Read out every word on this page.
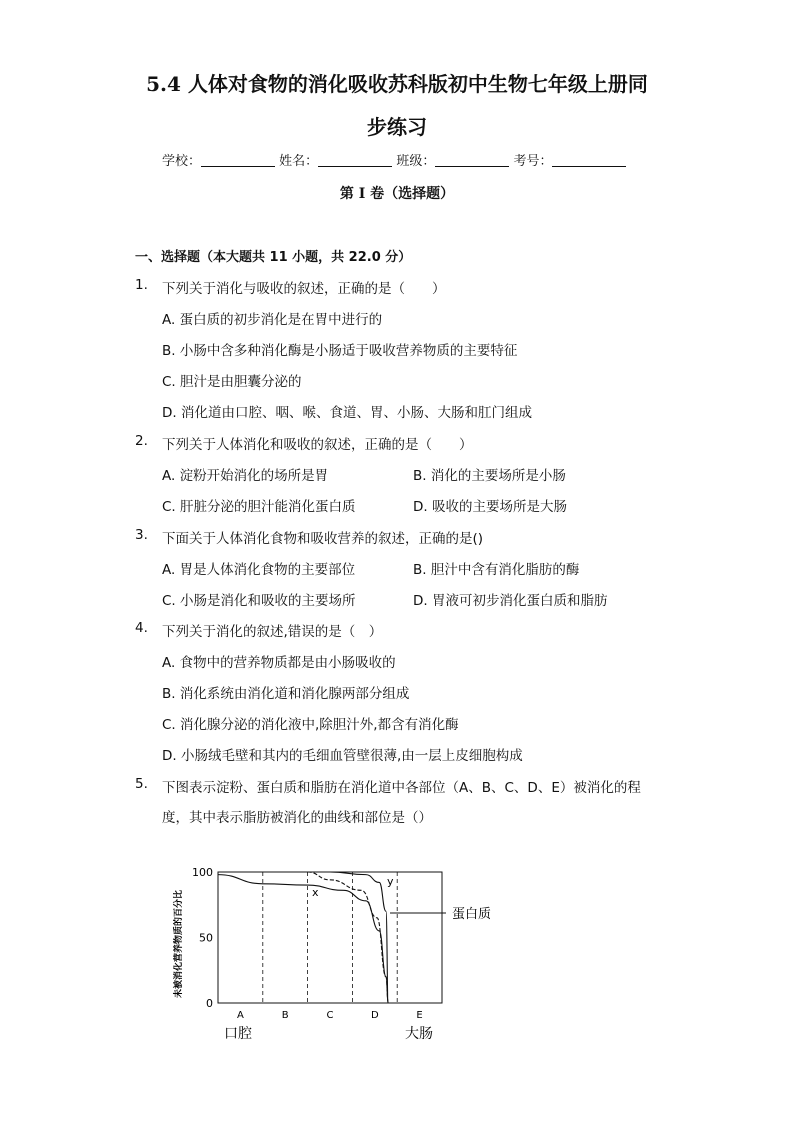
5.4 人体对食物的消化吸收苏科版初中生物七年级上册同
步练习
学校：	姓名：	班级：	考号：
第 I 卷（选择题）
一、选择题（本大题共 11 小题，共 22.0 分）
1. 下列关于消化与吸收的叙述，正确的是（　　）
A. 蛋白质的初步消化是在胃中进行的
B. 小肠中含多种消化酶是小肠适于吸收营养物质的主要特征
C. 胆汁是由胆囊分泌的
D. 消化道由口腔、咽、喉、食道、胃、小肠、大肠和肛门组成
2. 下列关于人体消化和吸收的叙述，正确的是（　　）
A. 淀粉开始消化的场所是胃	B. 消化的主要场所是小肠
C. 肝脏分泌的胆汁能消化蛋白质	D. 吸收的主要场所是大肠
3. 下面关于人体消化食物和吸收营养的叙述，正确的是()
A. 胃是人体消化食物的主要部位	B. 胆汁中含有消化脂肪的酶
C. 小肠是消化和吸收的主要场所	D. 胃液可初步消化蛋白质和脂肪
4. 下列关于消化的叙述,错误的是（　）
A. 食物中的营养物质都是由小肠吸收的
B. 消化系统由消化道和消化腺两部分组成
C. 消化腺分泌的消化液中,除胆汁外,都含有消化酶
D. 小肠绒毛壁和其内的毛细血管壁很薄,由一层上皮细胞构成
5. 下图表示淀粉、蛋白质和脂肪在消化道中各部位（A、B、C、D、E）被消化的程
度，其中表示脂肪被消化的曲线和部位是（）
未被消化营养物质的百分比
100
50
0
A	B	C	D	E
x
y
蛋白质
口腔	大肠
